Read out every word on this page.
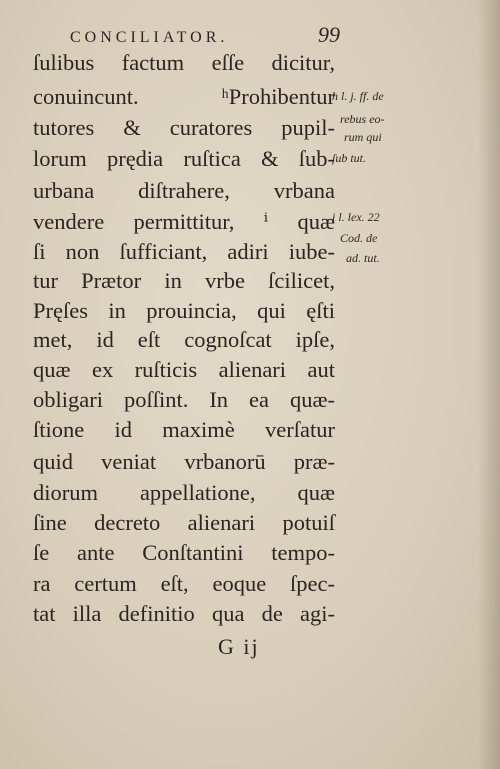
CONCILIATOR.	99
ſulibus factum eſſe dicitur,
conuincunt. ʰProhibentur
tutores & curatores pupil-
lorum prędia ruſtica & ſub-
urbana diſtrahere, vrbana
vendere permittitur, ⁱ quæ
ſi non ſufficiant, adiri iube-
tur Prætor in vrbe ſcilicet,
Pręſes in prouincia, qui ęſti
met, id eſt cognoſcat ipſe,
quæ ex ruſticis alienari aut
obligari poſſint. In ea quæ-
ſtione id maximè verſatur
quid veniat vrbanorū præ-
diorum appellatione, quæ
ſine decreto alienari potuiſ
ſe ante Conſtantini tempo-
ra certum eſt, eoque ſpec-
tat illa definitio qua de agi-
h l. j. ff. de
rebus eo-
rum qui
ſub tut.
i l. lex. 22
Cod. de
ad. tut.
G ij
